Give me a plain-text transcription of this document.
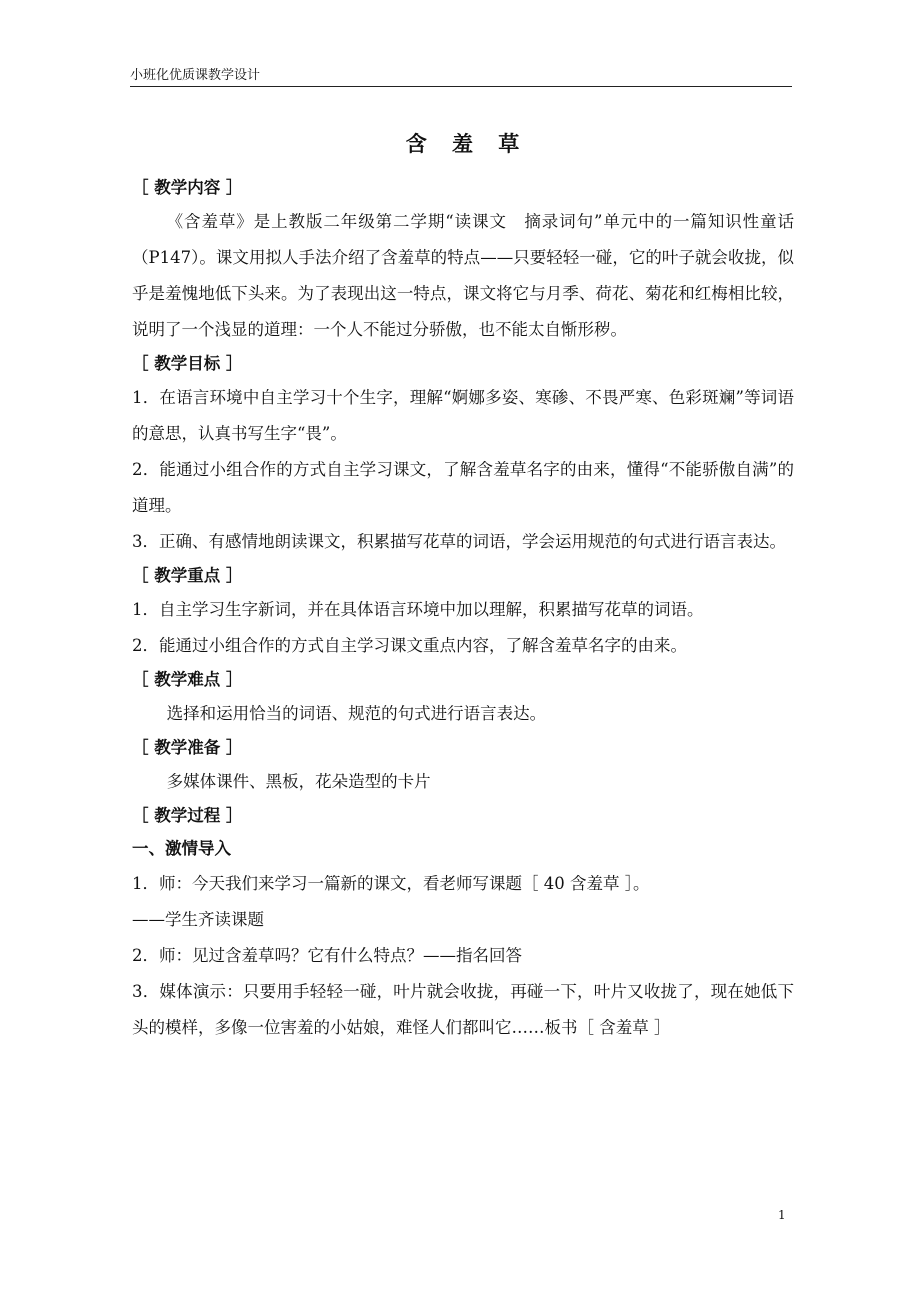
小班化优质课教学设计
含 羞 草
［ 教学内容 ］

《含羞草》是上教版二年级第二学期“读课文　摘录词句”单元中的一篇知识性童话（P147）。课文用拟人手法介绍了含羞草的特点——只要轻轻一碰，它的叶子就会收拢，似乎是羞愧地低下头来。为了表现出这一特点，课文将它与月季、荷花、菊花和红梅相比较，说明了一个浅显的道理：一个人不能过分骄傲，也不能太自惭形秽。

［ 教学目标 ］

1．在语言环境中自主学习十个生字，理解“婀娜多姿、寒碜、不畏严寒、色彩斑斓”等词语的意思，认真书写生字“畏”。

2．能通过小组合作的方式自主学习课文，了解含羞草名字的由来，懂得“不能骄傲自满”的道理。

3．正确、有感情地朗读课文，积累描写花草的词语，学会运用规范的句式进行语言表达。

［ 教学重点 ］

1．自主学习生字新词，并在具体语言环境中加以理解，积累描写花草的词语。

2．能通过小组合作的方式自主学习课文重点内容，了解含羞草名字的由来。

［ 教学难点 ］

选择和运用恰当的词语、规范的句式进行语言表达。

［ 教学准备 ］

多媒体课件、黑板，花朵造型的卡片

［ 教学过程 ］
一、激情导入

1．师：今天我们来学习一篇新的课文，看老师写课题［ 40 含羞草 ］。

——学生齐读课题

2．师：见过含羞草吗？它有什么特点？——指名回答

3．媒体演示：只要用手轻轻一碰，叶片就会收拢，再碰一下，叶片又收拢了，现在她低下头的模样，多像一位害羞的小姑娘，难怪人们都叫它……板书［ 含羞草 ］

1
